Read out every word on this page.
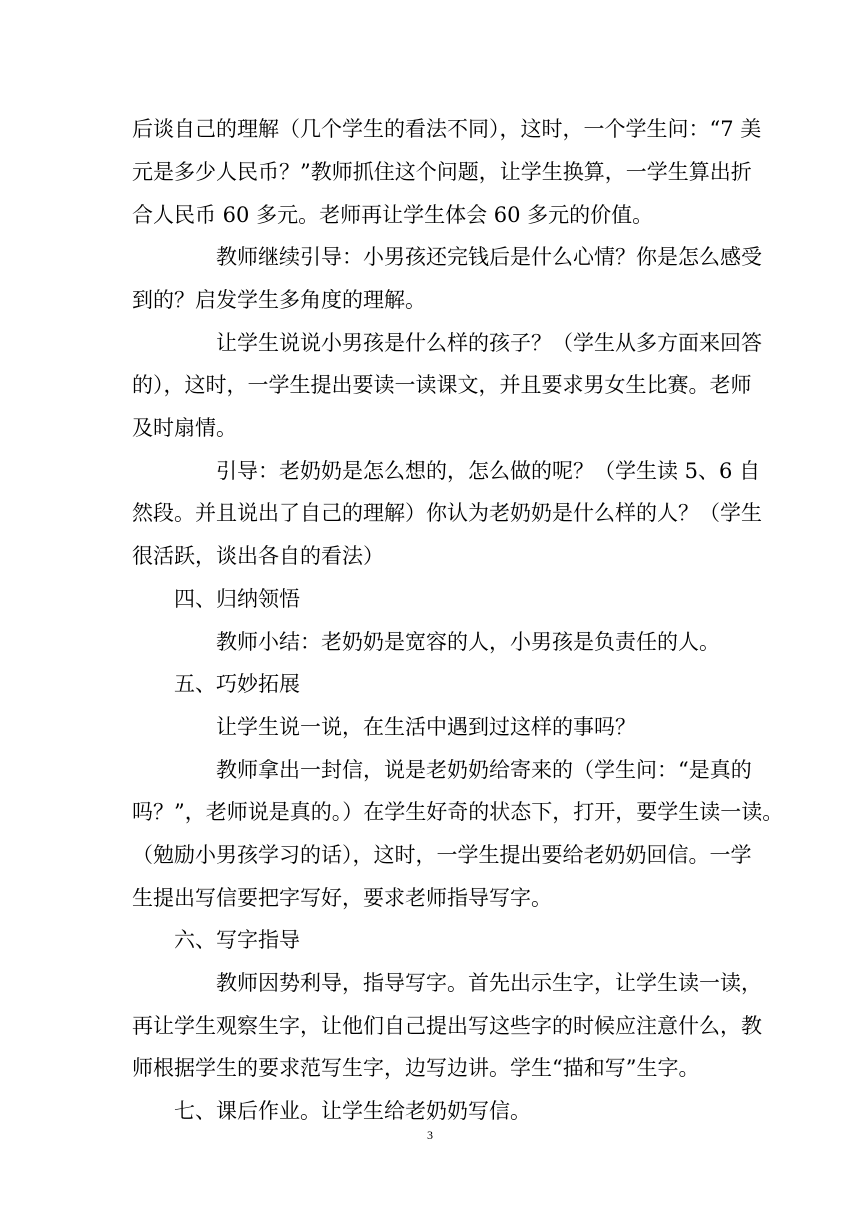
后谈自己的理解（几个学生的看法不同），这时，一个学生问：“7 美
元是多少人民币？”教师抓住这个问题，让学生换算，一学生算出折
合人民币 60 多元。老师再让学生体会 60 多元的价值。
教师继续引导：小男孩还完钱后是什么心情？你是怎么感受
到的？启发学生多角度的理解。
让学生说说小男孩是什么样的孩子？（学生从多方面来回答
的），这时，一学生提出要读一读课文，并且要求男女生比赛。老师
及时扇情。
引导：老奶奶是怎么想的，怎么做的呢？（学生读 5、6 自
然段。并且说出了自己的理解）你认为老奶奶是什么样的人？（学生
很活跃，谈出各自的看法）
四、归纳领悟
教师小结：老奶奶是宽容的人，小男孩是负责任的人。
五、巧妙拓展
让学生说一说，在生活中遇到过这样的事吗？
教师拿出一封信，说是老奶奶给寄来的（学生问：“是真的
吗？”，老师说是真的。）在学生好奇的状态下，打开，要学生读一读。
（勉励小男孩学习的话），这时，一学生提出要给老奶奶回信。一学
生提出写信要把字写好，要求老师指导写字。
六、写字指导
教师因势利导，指导写字。首先出示生字，让学生读一读，
再让学生观察生字，让他们自己提出写这些字的时候应注意什么，教
师根据学生的要求范写生字，边写边讲。学生“描和写”生字。
七、课后作业。让学生给老奶奶写信。
3
